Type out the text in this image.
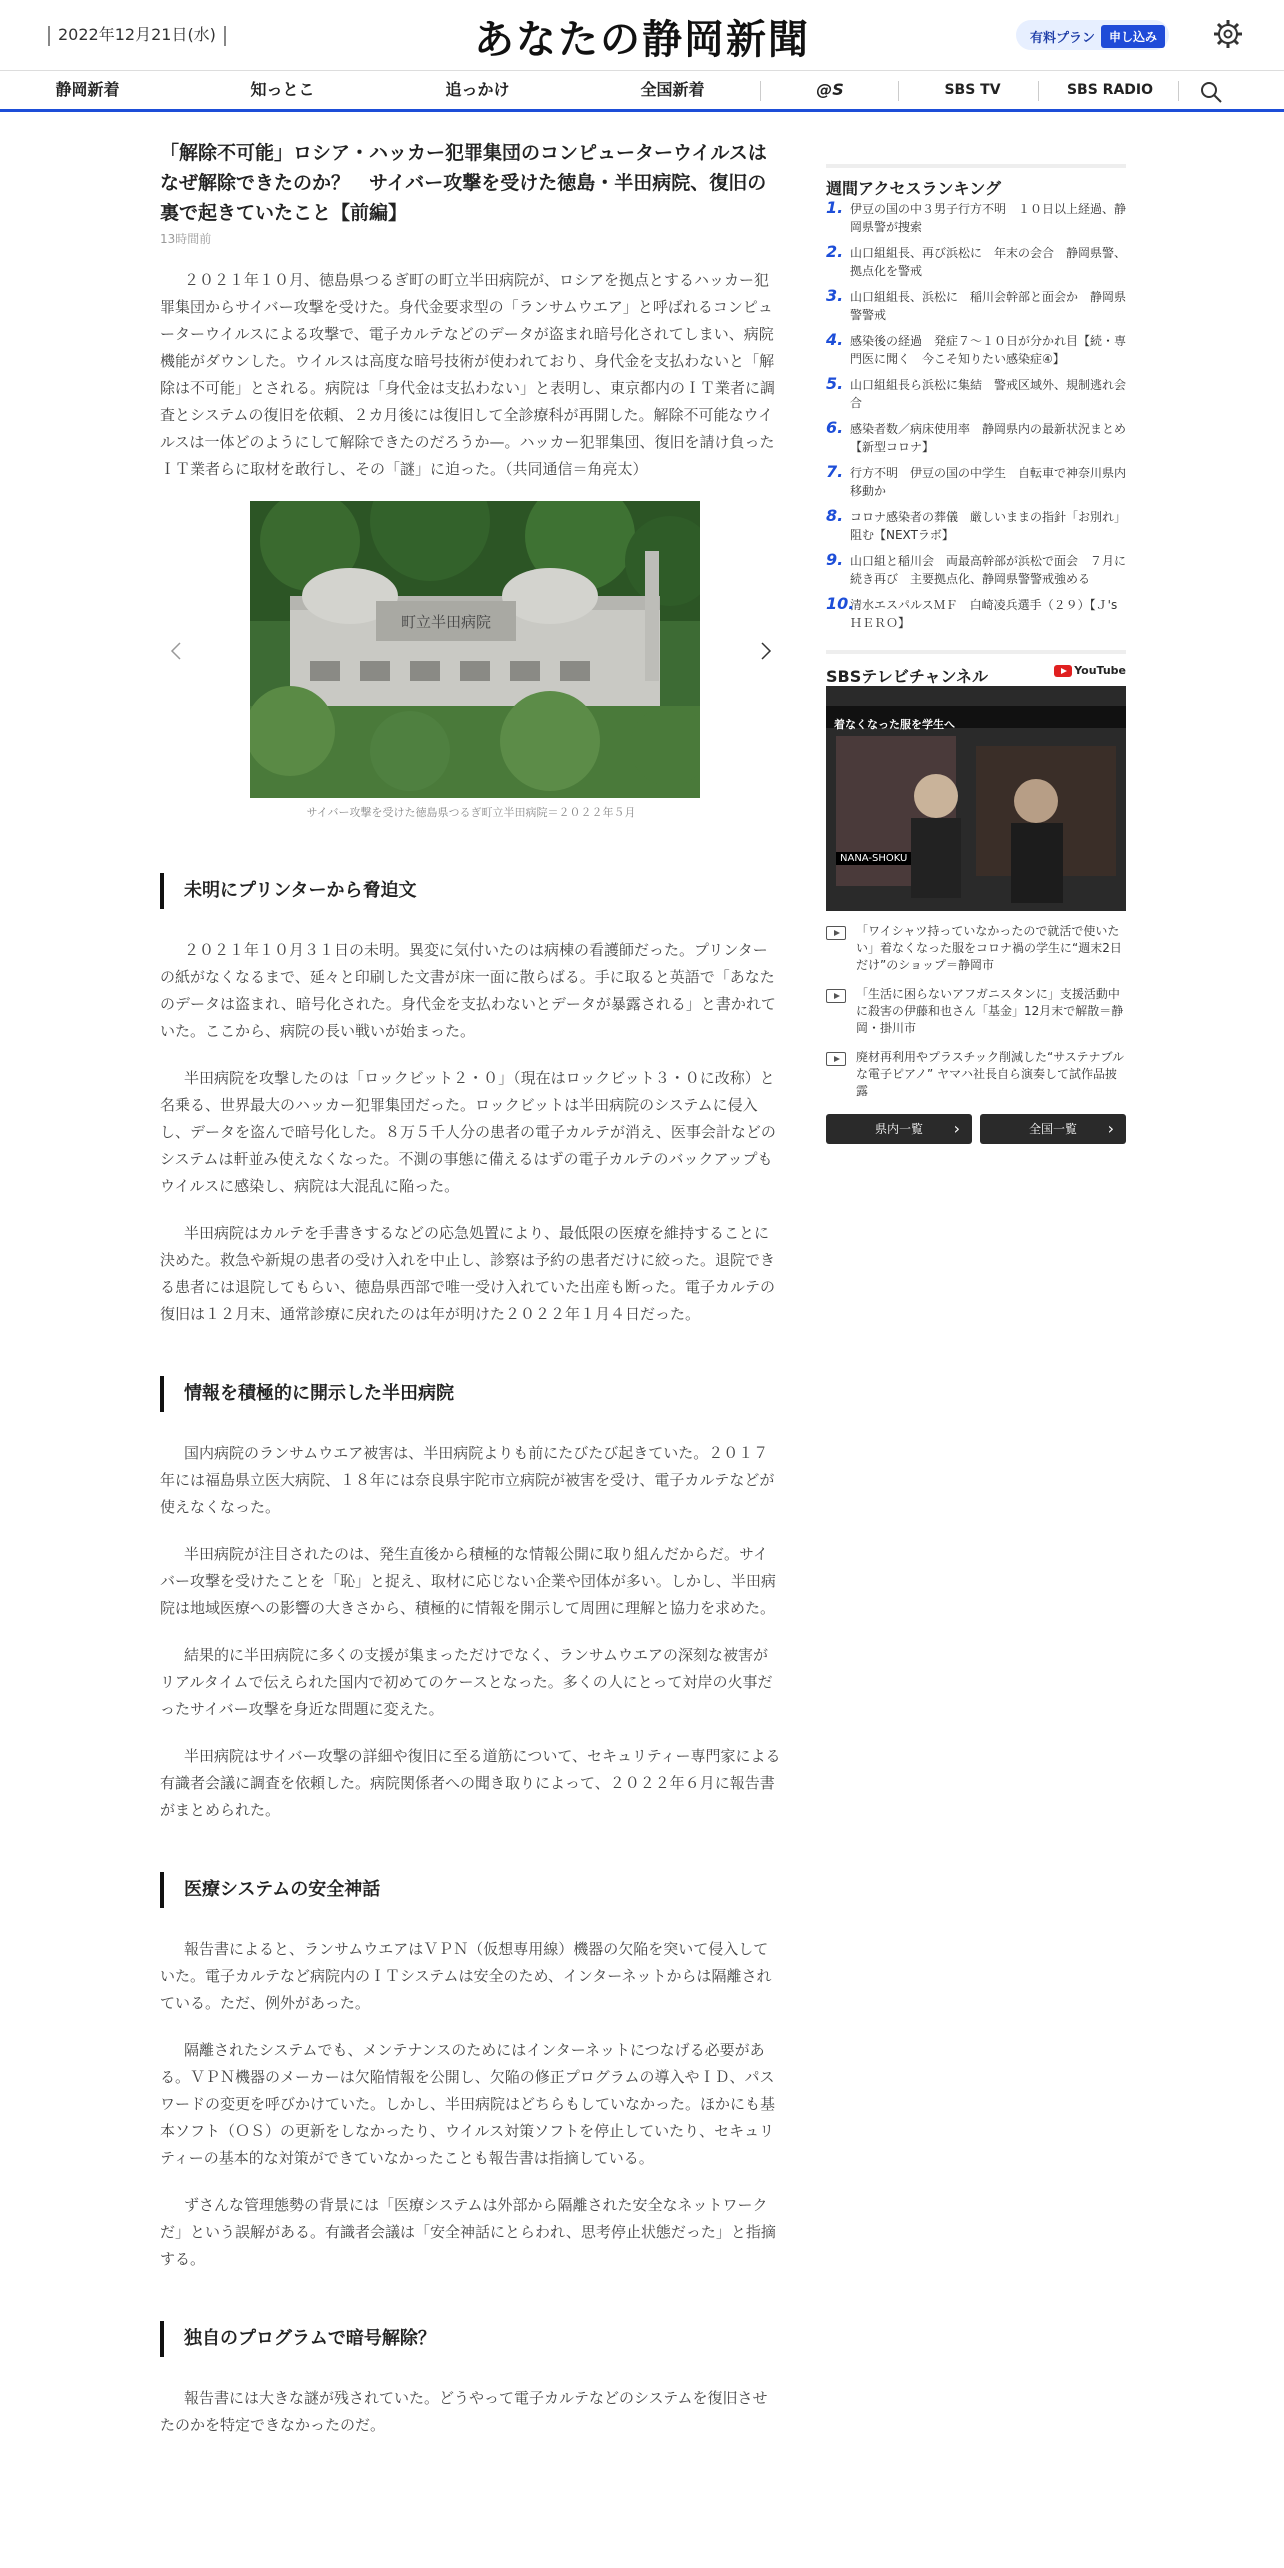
2022年12月21日(水)	あなたの静岡新聞	有料プラン	申し込み
静岡新着	知っとこ	追っかけ	全国新着	@S	SBS TV	SBS RADIO
「解除不可能」ロシア・ハッカー犯罪集団のコンピューターウイルスはなぜ解除できたのか？　サイバー攻撃を受けた徳島・半田病院、復旧の裏で起きていたこと【前編】
13時間前

２０２１年１０月、徳島県つるぎ町の町立半田病院が、ロシアを拠点とするハッカー犯罪集団からサイバー攻撃を受けた。身代金要求型の「ランサムウエア」と呼ばれるコンピューターウイルスによる攻撃で、電子カルテなどのデータが盗まれ暗号化されてしまい、病院機能がダウンした。ウイルスは高度な暗号技術が使われており、身代金を支払わないと「解除は不可能」とされる。病院は「身代金は支払わない」と表明し、東京都内のＩＴ業者に調査とシステムの復旧を依頼、２カ月後には復旧して全診療科が再開した。解除不可能なウイルスは一体どのようにして解除できたのだろうか—。ハッカー犯罪集団、復旧を請け負ったＩＴ業者らに取材を敢行し、その「謎」に迫った。（共同通信＝角亮太）

町立半田病院
サイバー攻撃を受けた徳島県つるぎ町立半田病院＝２０２２年５月
未明にプリンターから脅迫文

２０２１年１０月３１日の未明。異変に気付いたのは病棟の看護師だった。プリンターの紙がなくなるまで、延々と印刷した文書が床一面に散らばる。手に取ると英語で「あなたのデータは盗まれ、暗号化された。身代金を支払わないとデータが暴露される」と書かれていた。ここから、病院の長い戦いが始まった。

半田病院を攻撃したのは「ロックビット２・０」（現在はロックビット３・０に改称）と名乗る、世界最大のハッカー犯罪集団だった。ロックビットは半田病院のシステムに侵入し、データを盗んで暗号化した。８万５千人分の患者の電子カルテが消え、医事会計などのシステムは軒並み使えなくなった。不測の事態に備えるはずの電子カルテのバックアップもウイルスに感染し、病院は大混乱に陥った。

半田病院はカルテを手書きするなどの応急処置により、最低限の医療を維持することに決めた。救急や新規の患者の受け入れを中止し、診察は予約の患者だけに絞った。退院できる患者には退院してもらい、徳島県西部で唯一受け入れていた出産も断った。電子カルテの復旧は１２月末、通常診療に戻れたのは年が明けた２０２２年１月４日だった。

情報を積極的に開示した半田病院

国内病院のランサムウエア被害は、半田病院よりも前にたびたび起きていた。２０１７年には福島県立医大病院、１８年には奈良県宇陀市立病院が被害を受け、電子カルテなどが使えなくなった。

半田病院が注目されたのは、発生直後から積極的な情報公開に取り組んだからだ。サイバー攻撃を受けたことを「恥」と捉え、取材に応じない企業や団体が多い。しかし、半田病院は地域医療への影響の大きさから、積極的に情報を開示して周囲に理解と協力を求めた。

結果的に半田病院に多くの支援が集まっただけでなく、ランサムウエアの深刻な被害がリアルタイムで伝えられた国内で初めてのケースとなった。多くの人にとって対岸の火事だったサイバー攻撃を身近な問題に変えた。

半田病院はサイバー攻撃の詳細や復旧に至る道筋について、セキュリティー専門家による有識者会議に調査を依頼した。病院関係者への聞き取りによって、２０２２年６月に報告書がまとめられた。

医療システムの安全神話

報告書によると、ランサムウエアはＶＰＮ（仮想専用線）機器の欠陥を突いて侵入していた。電子カルテなど病院内のＩＴシステムは安全のため、インターネットからは隔離されている。ただ、例外があった。

隔離されたシステムでも、メンテナンスのためにはインターネットにつなげる必要がある。ＶＰＮ機器のメーカーは欠陥情報を公開し、欠陥の修正プログラムの導入やＩＤ、パスワードの変更を呼びかけていた。しかし、半田病院はどちらもしていなかった。ほかにも基本ソフト（ＯＳ）の更新をしなかったり、ウイルス対策ソフトを停止していたり、セキュリティーの基本的な対策ができていなかったことも報告書は指摘している。

ずさんな管理態勢の背景には「医療システムは外部から隔離された安全なネットワークだ」という誤解がある。有識者会議は「安全神話にとらわれ、思考停止状態だった」と指摘する。

独自のプログラムで暗号解除？

報告書には大きな謎が残されていた。どうやって電子カルテなどのシステムを復旧させたのかを特定できなかったのだ。

週間アクセスランキング
1. 伊豆の国の中３男子行方不明　１０日以上経過、静岡県警が捜索
2. 山口組組長、再び浜松に　年末の会合　静岡県警、拠点化を警戒
3. 山口組組長、浜松に　稲川会幹部と面会か　静岡県警警戒
4. 感染後の経過　発症７～１０日が分かれ目【続・専門医に聞く　今こそ知りたい感染症④】
5. 山口組組長ら浜松に集結　警戒区域外、規制逃れ会合
6. 感染者数／病床使用率　静岡県内の最新状況まとめ【新型コロナ】
7. 行方不明　伊豆の国の中学生　自転車で神奈川県内移動か
8. コロナ感染者の葬儀　厳しいままの指針「お別れ」阻む【NEXTラボ】
9. 山口組と稲川会　両最高幹部が浜松で面会　７月に続き再び　主要拠点化、静岡県警警戒強める
10.
清水エスパルスＭＦ　白崎凌兵選手（２９）【Ｊ's　ＨＥＲＯ】
SBSテレビチャンネル	YouTube
着なくなった服を学生へ
NANA-SHOKU
「ワイシャツ持っていなかったので就活で使いたい」着なくなった服をコロナ禍の学生に“週末2日だけ”のショップ＝静岡市
「生活に困らないアフガニスタンに」支援活動中に殺害の伊藤和也さん「基金」12月末で解散＝静岡・掛川市
廃材再利用やプラスチック削減した“サステナブルな電子ピアノ” ヤマハ社長自ら演奏して試作品披露
県内一覧 ›	全国一覧 ›
